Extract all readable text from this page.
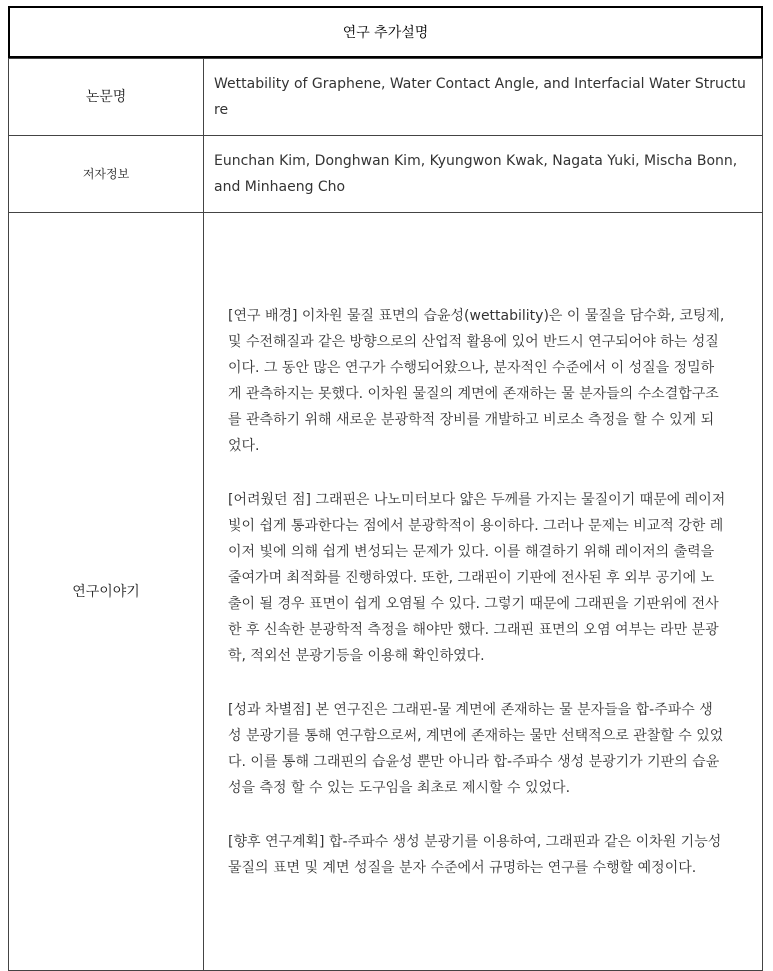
연구 추가설명
논문명	Wettability of Graphene, Water Contact Angle, and Interfacial Water Structure
저자정보	Eunchan Kim, Donghwan Kim, Kyungwon Kwak, Nagata Yuki, Mischa Bonn, and Minhaeng Cho
연구이야기	[연구 배경] 이차원 물질 표면의 습윤성(wettability)은 이 물질을 담수화, 코팅제, 및 수전해질과 같은 방향으로의 산업적 활용에 있어 반드시 연구되어야 하는 성질이다. 그 동안 많은 연구가 수행되어왔으나, 분자적인 수준에서 이 성질을 정밀하게 관측하지는 못했다. 이차원 물질의 계면에 존재하는 물 분자들의 수소결합구조를 관측하기 위해 새로운 분광학적 장비를 개발하고 비로소 측정을 할 수 있게 되었다.

[어려웠던 점] 그래핀은 나노미터보다 얇은 두께를 가지는 물질이기 때문에 레이저 빛이 쉽게 통과한다는 점에서 분광학적이 용이하다. 그러나 문제는 비교적 강한 레이저 빛에 의해 쉽게 변성되는 문제가 있다. 이를 해결하기 위해 레이저의 출력을 줄여가며 최적화를 진행하였다. 또한, 그래핀이 기판에 전사된 후 외부 공기에 노출이 될 경우 표면이 쉽게 오염될 수 있다. 그렇기 때문에 그래핀을 기판위에 전사한 후 신속한 분광학적 측정을 해야만 했다. 그래핀 표면의 오염 여부는 라만 분광학, 적외선 분광기등을 이용해 확인하였다.

[성과 차별점] 본 연구진은 그래핀-물 계면에 존재하는 물 분자들을 합-주파수 생성 분광기를 통해 연구함으로써, 계면에 존재하는 물만 선택적으로 관찰할 수 있었다. 이를 통해 그래핀의 습윤성 뿐만 아니라 합-주파수 생성 분광기가 기판의 습윤성을 측정 할 수 있는 도구임을 최초로 제시할 수 있었다.

[향후 연구계획] 합-주파수 생성 분광기를 이용하여, 그래핀과 같은 이차원 기능성 물질의 표면 및 계면 성질을 분자 수준에서 규명하는 연구를 수행할 예정이다.
